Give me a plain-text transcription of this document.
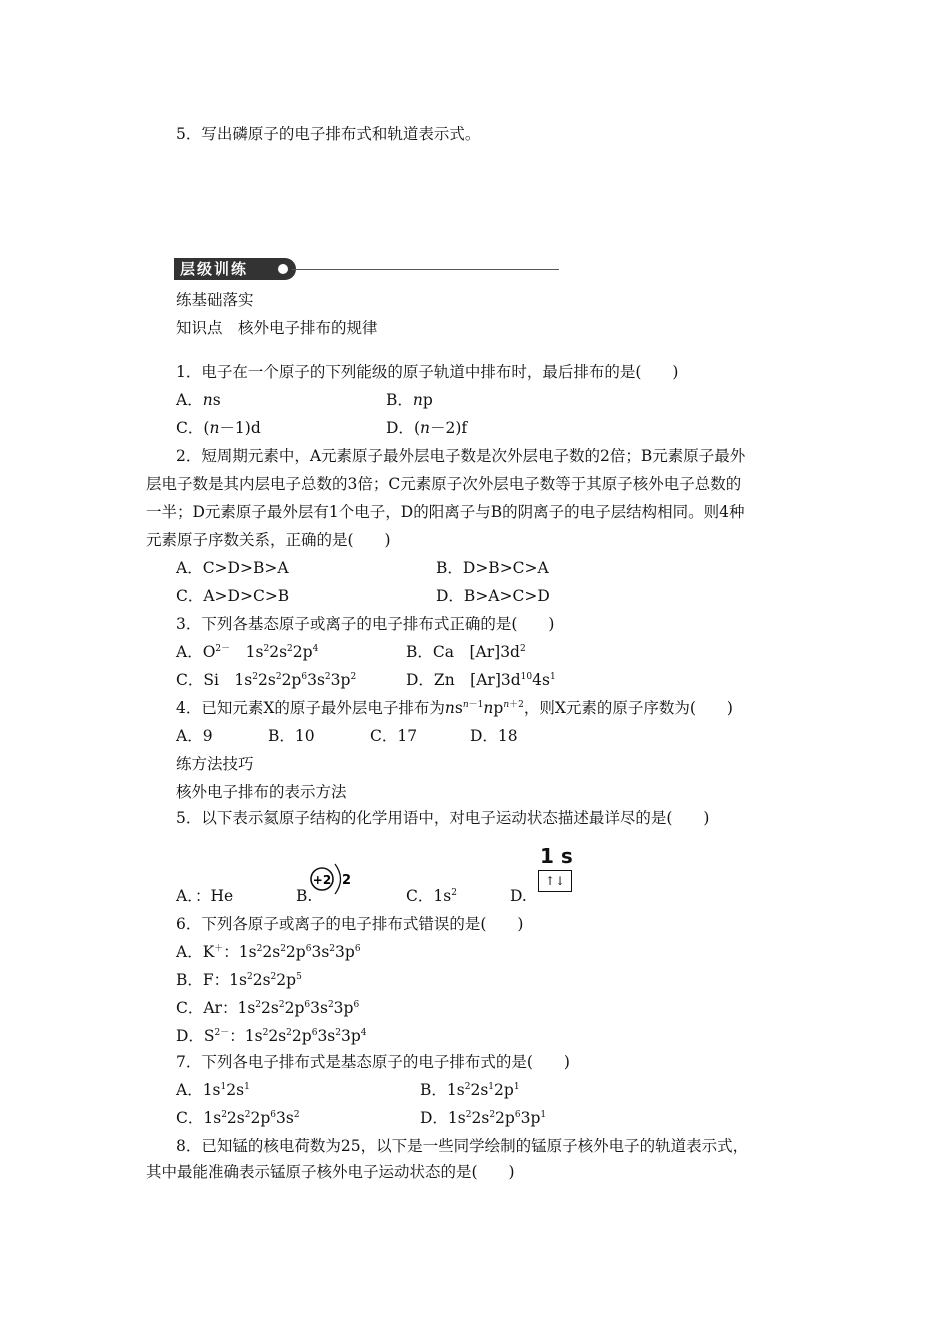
5．写出磷原子的电子排布式和轨道表示式。
层级训练
练基础落实
知识点　核外电子排布的规律
1．电子在一个原子的下列能级的原子轨道中排布时，最后排布的是(　　)
A．ns	B．np
C．(n－1)d	D．(n－2)f
2．短周期元素中，A元素原子最外层电子数是次外层电子数的2倍；B元素原子最外
层电子数是其内层电子总数的3倍；C元素原子次外层电子数等于其原子核外电子总数的
一半；D元素原子最外层有1个电子，D的阳离子与B的阴离子的电子层结构相同。则4种
元素原子序数关系，正确的是(　　)
A．C>D>B>A	B．D>B>C>A
C．A>D>C>B	D．B>A>C>D
3．下列各基态原子或离子的电子排布式正确的是(　　)
A．$O^{2-}$　$1s^22s^22p^4$	B．Ca　$[Ar]3d^2$
C．Si　$1s^22s^22p^63s^23p^2$	D．Zn　$[Ar]3d^{10}4s^1$
4．已知元素X的原子最外层电子排布为$ns^{n-1}np^{n+2}$，则X元素的原子序数为(　　)
A．9	B．10	C．17	D．18
练方法技巧
核外电子排布的表示方法
5．以下表示氦原子结构的化学用语中，对电子运动状态描述最详尽的是(　　)
A．：He	B.
+2 2
C．$1s^2$	D.
1 s
↑↓
6．下列各原子或离子的电子排布式错误的是(　　)
A．K＋：$1s^22s^22p^63s^23p^6$
B．F：$1s^22s^22p^5$
C．Ar：$1s^22s^22p^63s^23p^6$
D．$S^{2-}$：$1s^22s^22p^63s^23p^4$
7．下列各电子排布式是基态原子的电子排布式的是(　　)
A．$1s^12s^1$	B．$1s^22s^12p^1$
C．$1s^22s^22p^63s^2$	D．$1s^22s^22p^63p^1$
8．已知锰的核电荷数为25，以下是一些同学绘制的锰原子核外电子的轨道表示式，
其中最能准确表示锰原子核外电子运动状态的是(　　)
